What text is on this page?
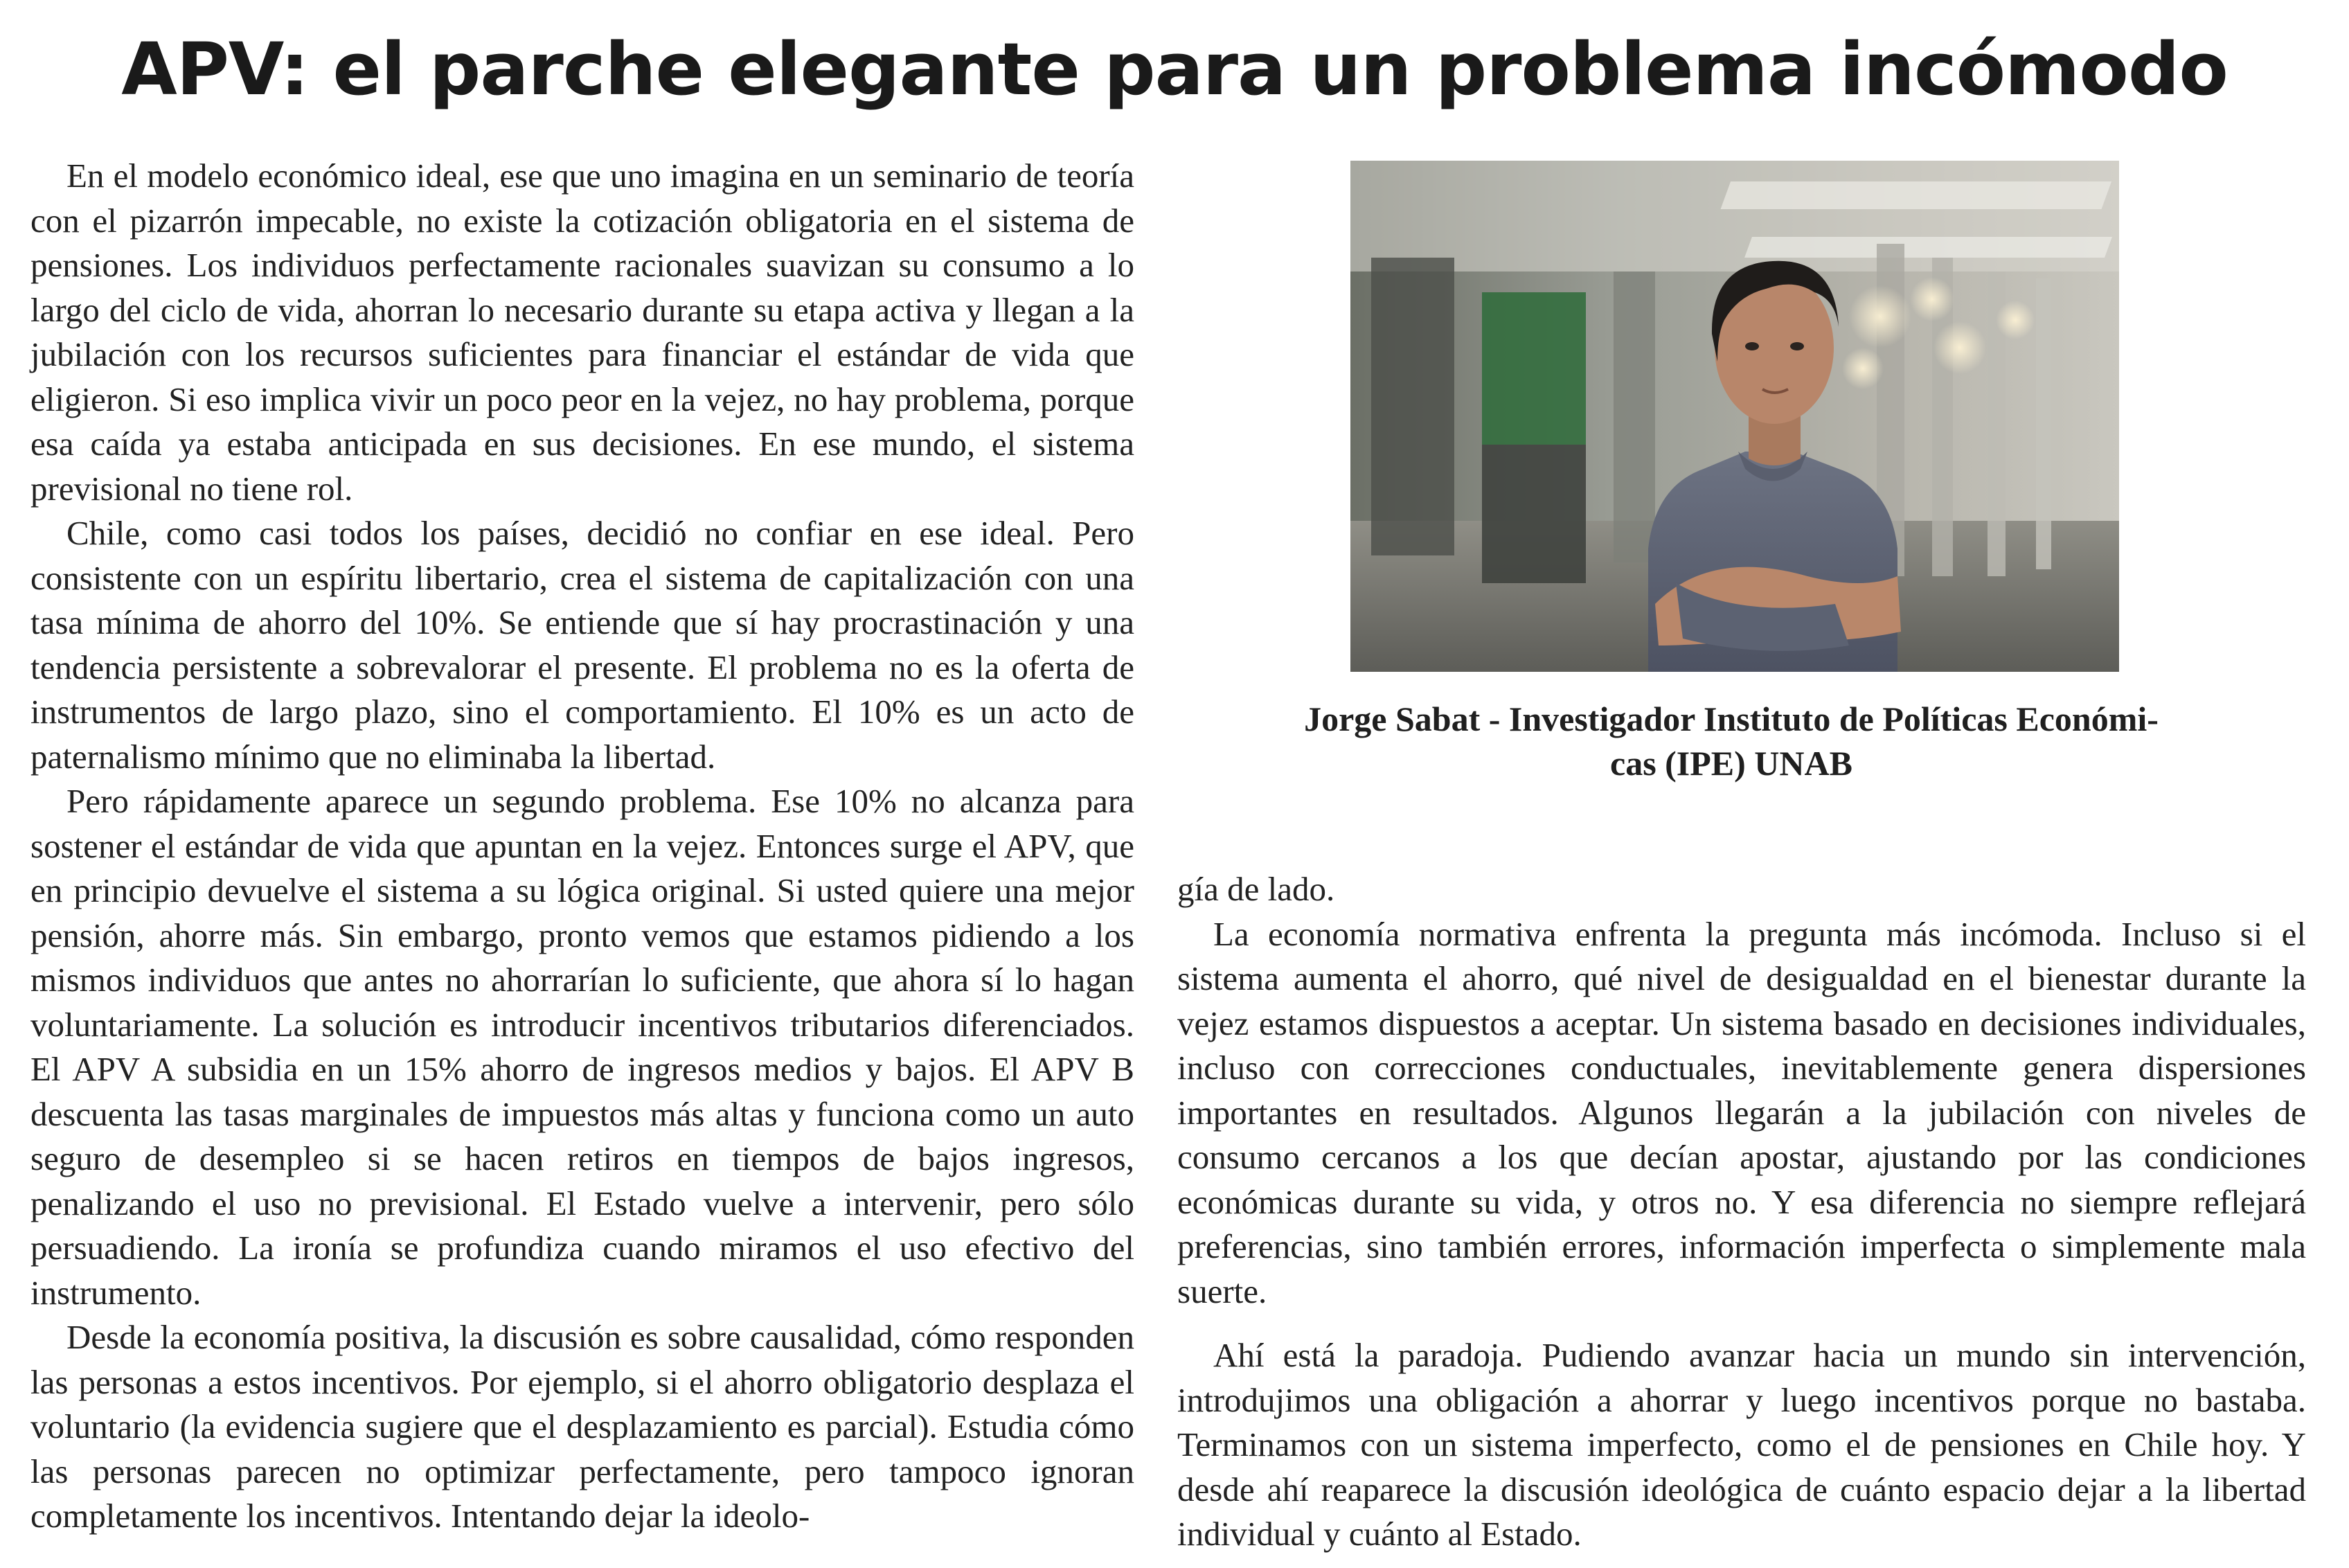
APV: el parche elegante para un problema incómodo

En el modelo económico ideal, ese que uno imagina en un seminario de teoría con el pizarrón impecable, no existe la cotización obligatoria en el sistema de pensiones. Los individuos perfectamente racionales suavizan su consumo a lo largo del ciclo de vida, ahorran lo necesario durante su etapa activa y llegan a la jubilación con los recursos suficientes para financiar el estándar de vida que eligieron. Si eso implica vivir un poco peor en la vejez, no hay problema, porque esa caída ya estaba anticipada en sus decisiones. En ese mundo, el sistema previsional no tiene rol.

Chile, como casi todos los países, decidió no confiar en ese ideal. Pero consistente con un espíritu libertario, crea el sistema de capitalización con una tasa mínima de ahorro del 10%. Se entiende que sí hay procrastinación y una tendencia persistente a sobrevalorar el presente. El problema no es la oferta de instrumentos de largo plazo, sino el comportamiento. El 10% es un acto de paternalismo mínimo que no eliminaba la libertad.

Pero rápidamente aparece un segundo problema. Ese 10% no alcanza para sostener el estándar de vida que apuntan en la vejez. Entonces surge el APV, que en principio devuelve el sistema a su lógica original. Si usted quiere una mejor pensión, ahorre más. Sin embargo, pronto vemos que estamos pidiendo a los mismos individuos que antes no ahorrarían lo suficiente, que ahora sí lo hagan voluntariamente. La solución es introducir incentivos tributarios diferenciados. El APV A subsidia en un 15% ahorro de ingresos medios y bajos. El APV B descuenta las tasas marginales de impuestos más altas y funciona como un auto seguro de desempleo si se hacen retiros en tiempos de bajos ingresos, penalizando el uso no previsional. El Estado vuelve a intervenir, pero sólo persuadiendo. La ironía se profundiza cuando miramos el uso efectivo del instrumento.

Desde la economía positiva, la discusión es sobre causalidad, cómo responden las personas a estos incentivos. Por ejemplo, si el ahorro obligatorio desplaza el voluntario (la evidencia sugiere que el desplazamiento es parcial). Estudia cómo las personas parecen no optimizar perfectamente, pero tampoco ignoran completamente los incentivos. Intentando dejar la ideolo-

Jorge Sabat - Investigador Instituto de Políticas Económi-
cas (IPE) UNAB

gía de lado.

La economía normativa enfrenta la pregunta más incómoda. Incluso si el sistema aumenta el ahorro, qué nivel de desigualdad en el bienestar durante la vejez estamos dispuestos a aceptar. Un sistema basado en decisiones individuales, incluso con correcciones conductuales, inevitablemente genera dispersiones importantes en resultados. Algunos llegarán a la jubilación con niveles de consumo cercanos a los que decían apostar, ajustando por las condiciones económicas durante su vida, y otros no. Y esa diferencia no siempre reflejará preferencias, sino también errores, información imperfecta o simplemente mala suerte.

Ahí está la paradoja. Pudiendo avanzar hacia un mundo sin intervención, introdujimos una obligación a ahorrar y luego incentivos porque no bastaba. Terminamos con un sistema imperfecto, como el de pensiones en Chile hoy. Y desde ahí reaparece la discusión ideológica de cuánto espacio dejar a la libertad individual y cuánto al Estado.
